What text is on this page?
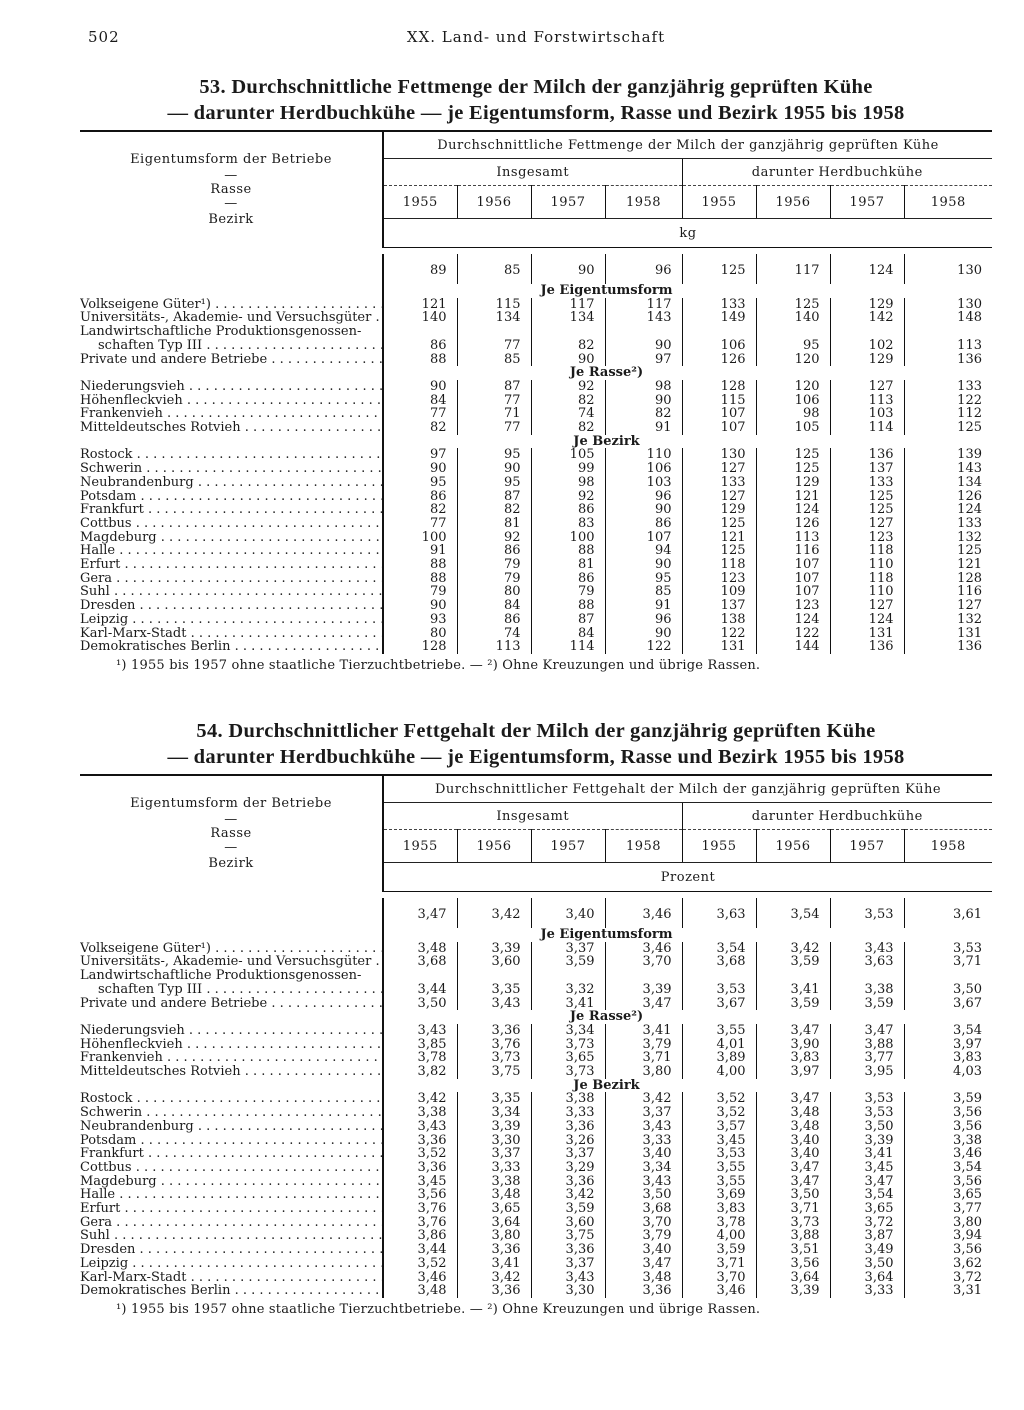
502	XX. Land- und Forstwirtschaft

53. Durchschnittliche Fettmenge der Milch der ganzjährig geprüften Kühe

— darunter Herdbuchkühe — je Eigentumsform, Rasse und Bezirk 1955 bis 1958

Eigentumsform der Betriebe
—
Rasse
—
Bezirk	Durchschnittliche Fettmenge der Milch der ganzjährig geprüften Kühe							
	Insgesamt				darunter Herdbuchkühe			
	1955	1956	1957	1958	1955	1956	1957	1958
	kg							
	89	85	90	96	125	117	124	130
			Je Eigentumsform					
Volkseigene Güter¹) . . .	121	115	117	117	133	125	129	130
Universitäts-, Akademie- und Versuchsgüter . . .	140	134	134	143	149	140	142	148
Landwirtschaftliche Produktionsgenossen-								
schaften Typ III . . .	86	77	82	90	106	95	102	113
Private und andere Betriebe . . .	88	85	90	97	126	120	129	136
			Je Rasse²)					
Niederungsvieh . . .	90	87	92	98	128	120	127	133
Höhenfleckvieh . . .	84	77	82	90	115	106	113	122
Frankenvieh . . .	77	71	74	82	107	98	103	112
Mitteldeutsches Rotvieh . . .	82	77	82	91	107	105	114	125
			Je Bezirk					
Rostock . . .	97	95	105	110	130	125	136	139
Schwerin . . .	90	90	99	106	127	125	137	143
Neubrandenburg . . .	95	95	98	103	133	129	133	134
Potsdam . . .	86	87	92	96	127	121	125	126
Frankfurt . . .	82	82	86	90	129	124	125	124
Cottbus . . .	77	81	83	86	125	126	127	133
Magdeburg . . .	100	92	100	107	121	113	123	132
Halle . . .	91	86	88	94	125	116	118	125
Erfurt . . .	88	79	81	90	118	107	110	121
Gera . . .	88	79	86	95	123	107	118	128
Suhl . . .	79	80	79	85	109	107	110	116
Dresden . . .	90	84	88	91	137	123	127	127
Leipzig . . .	93	86	87	96	138	124	124	132
Karl-Marx-Stadt . . .	80	74	84	90	122	122	131	131
Demokratisches Berlin . . .	128	113	114	122	131	144	136	136
¹) 1955 bis 1957 ohne staatliche Tierzuchtbetriebe. — ²) Ohne Kreuzungen und übrige Rassen.

54. Durchschnittlicher Fettgehalt der Milch der ganzjährig geprüften Kühe

— darunter Herdbuchkühe — je Eigentumsform, Rasse und Bezirk 1955 bis 1958

Eigentumsform der Betriebe
—
Rasse
—
Bezirk	Durchschnittlicher Fettgehalt der Milch der ganzjährig geprüften Kühe							
	Insgesamt				darunter Herdbuchkühe			
	1955	1956	1957	1958	1955	1956	1957	1958
	Prozent							
	3,47	3,42	3,40	3,46	3,63	3,54	3,53	3,61
			Je Eigentumsform					
Volkseigene Güter¹) . . .	3,48	3,39	3,37	3,46	3,54	3,42	3,43	3,53
Universitäts-, Akademie- und Versuchsgüter . . .	3,68	3,60	3,59	3,70	3,68	3,59	3,63	3,71
Landwirtschaftliche Produktionsgenossen-								
schaften Typ III . . .	3,44	3,35	3,32	3,39	3,53	3,41	3,38	3,50
Private und andere Betriebe . . .	3,50	3,43	3,41	3,47	3,67	3,59	3,59	3,67
			Je Rasse²)					
Niederungsvieh . . .	3,43	3,36	3,34	3,41	3,55	3,47	3,47	3,54
Höhenfleckvieh . . .	3,85	3,76	3,73	3,79	4,01	3,90	3,88	3,97
Frankenvieh . . .	3,78	3,73	3,65	3,71	3,89	3,83	3,77	3,83
Mitteldeutsches Rotvieh . . .	3,82	3,75	3,73	3,80	4,00	3,97	3,95	4,03
			Je Bezirk					
Rostock . . .	3,42	3,35	3,38	3,42	3,52	3,47	3,53	3,59
Schwerin . . .	3,38	3,34	3,33	3,37	3,52	3,48	3,53	3,56
Neubrandenburg . . .	3,43	3,39	3,36	3,43	3,57	3,48	3,50	3,56
Potsdam . . .	3,36	3,30	3,26	3,33	3,45	3,40	3,39	3,38
Frankfurt . . .	3,52	3,37	3,37	3,40	3,53	3,40	3,41	3,46
Cottbus . . .	3,36	3,33	3,29	3,34	3,55	3,47	3,45	3,54
Magdeburg . . .	3,45	3,38	3,36	3,43	3,55	3,47	3,47	3,56
Halle . . .	3,56	3,48	3,42	3,50	3,69	3,50	3,54	3,65
Erfurt . . .	3,76	3,65	3,59	3,68	3,83	3,71	3,65	3,77
Gera . . .	3,76	3,64	3,60	3,70	3,78	3,73	3,72	3,80
Suhl . . .	3,86	3,80	3,75	3,79	4,00	3,88	3,87	3,94
Dresden . . .	3,44	3,36	3,36	3,40	3,59	3,51	3,49	3,56
Leipzig . . .	3,52	3,41	3,37	3,47	3,71	3,56	3,50	3,62
Karl-Marx-Stadt . . .	3,46	3,42	3,43	3,48	3,70	3,64	3,64	3,72
Demokratisches Berlin . . .	3,48	3,36	3,30	3,36	3,46	3,39	3,33	3,31
¹) 1955 bis 1957 ohne staatliche Tierzuchtbetriebe. — ²) Ohne Kreuzungen und übrige Rassen.
